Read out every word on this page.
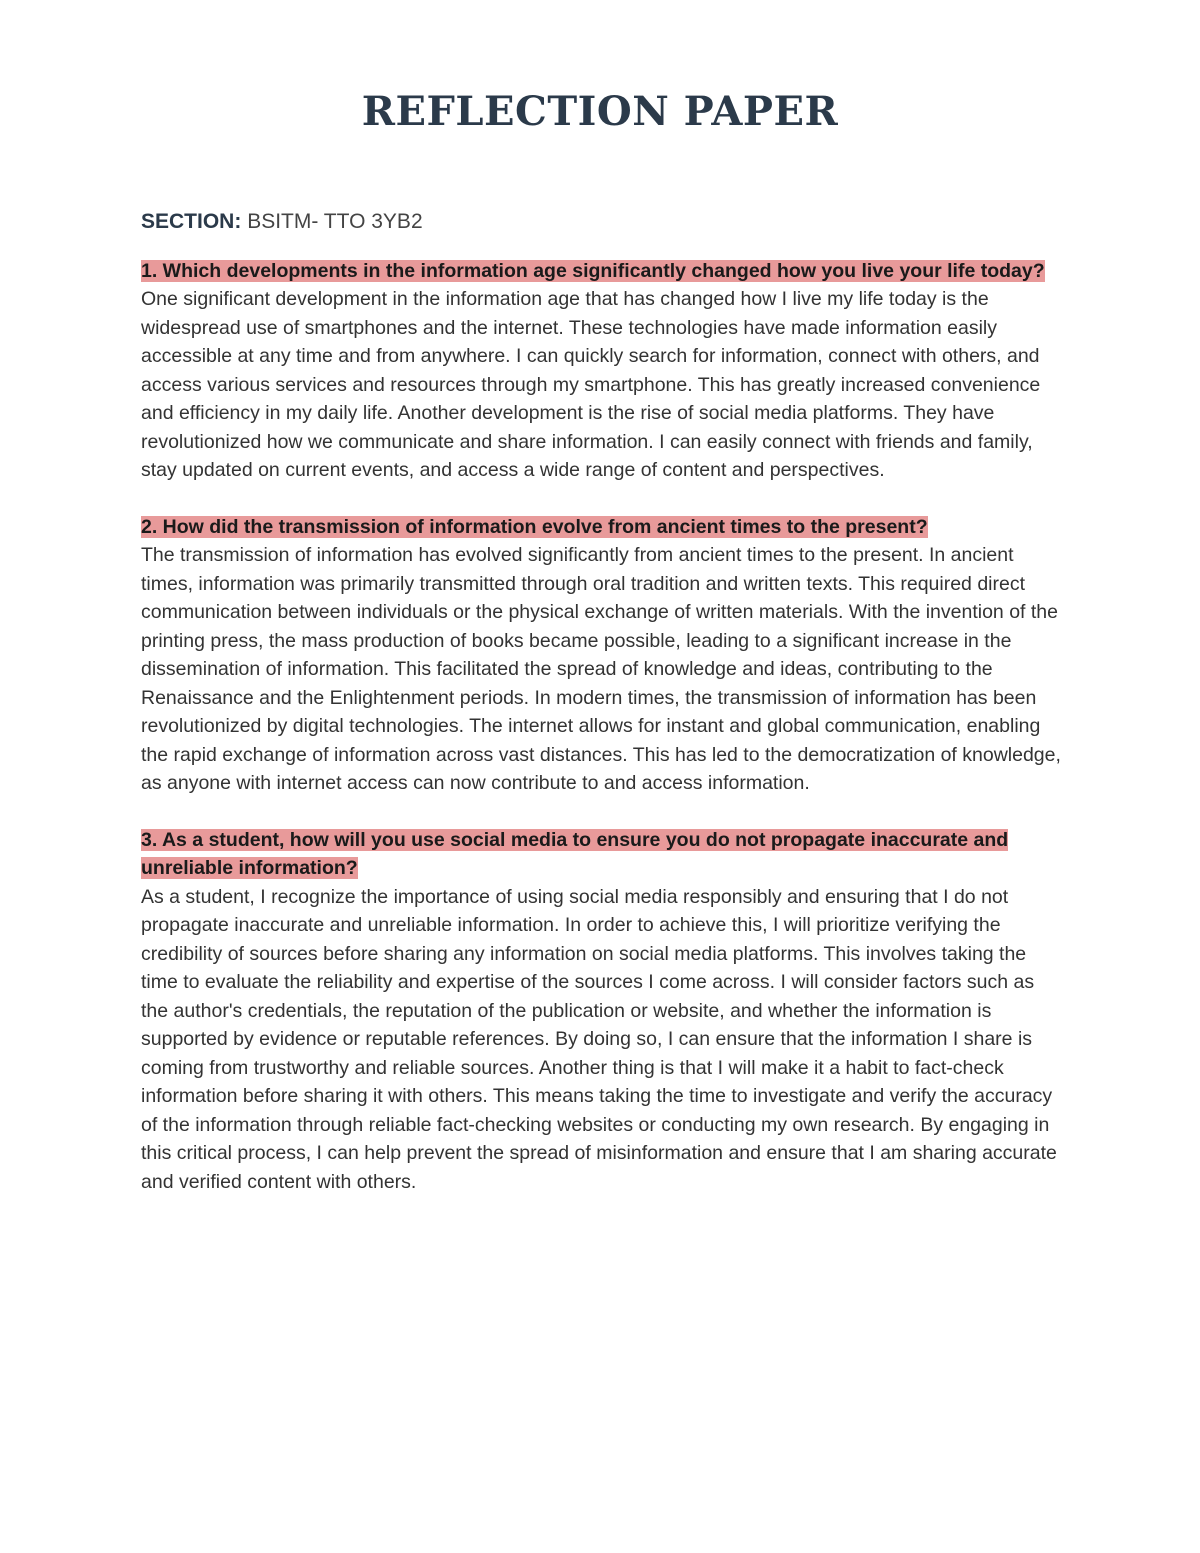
REFLECTION PAPER

SECTION: BSITM- TTO 3YB2

1. Which developments in the information age significantly changed how you live your life today?

One significant development in the information age that has changed how I live my life today is the widespread use of smartphones and the internet. These technologies have made information easily accessible at any time and from anywhere. I can quickly search for information, connect with others, and access various services and resources through my smartphone. This has greatly increased convenience and efficiency in my daily life. Another development is the rise of social media platforms. They have revolutionized how we communicate and share information. I can easily connect with friends and family, stay updated on current events, and access a wide range of content and perspectives.

2. How did the transmission of information evolve from ancient times to the present?

The transmission of information has evolved significantly from ancient times to the present. In ancient times, information was primarily transmitted through oral tradition and written texts. This required direct communication between individuals or the physical exchange of written materials. With the invention of the printing press, the mass production of books became possible, leading to a significant increase in the dissemination of information. This facilitated the spread of knowledge and ideas, contributing to the Renaissance and the Enlightenment periods. In modern times, the transmission of information has been revolutionized by digital technologies. The internet allows for instant and global communication, enabling the rapid exchange of information across vast distances. This has led to the democratization of knowledge, as anyone with internet access can now contribute to and access information.

3. As a student, how will you use social media to ensure you do not propagate inaccurate and unreliable information?

As a student, I recognize the importance of using social media responsibly and ensuring that I do not propagate inaccurate and unreliable information. In order to achieve this, I will prioritize verifying the credibility of sources before sharing any information on social media platforms. This involves taking the time to evaluate the reliability and expertise of the sources I come across. I will consider factors such as the author's credentials, the reputation of the publication or website, and whether the information is supported by evidence or reputable references. By doing so, I can ensure that the information I share is coming from trustworthy and reliable sources. Another thing is that I will make it a habit to fact-check information before sharing it with others. This means taking the time to investigate and verify the accuracy of the information through reliable fact-checking websites or conducting my own research. By engaging in this critical process, I can help prevent the spread of misinformation and ensure that I am sharing accurate and verified content with others.
